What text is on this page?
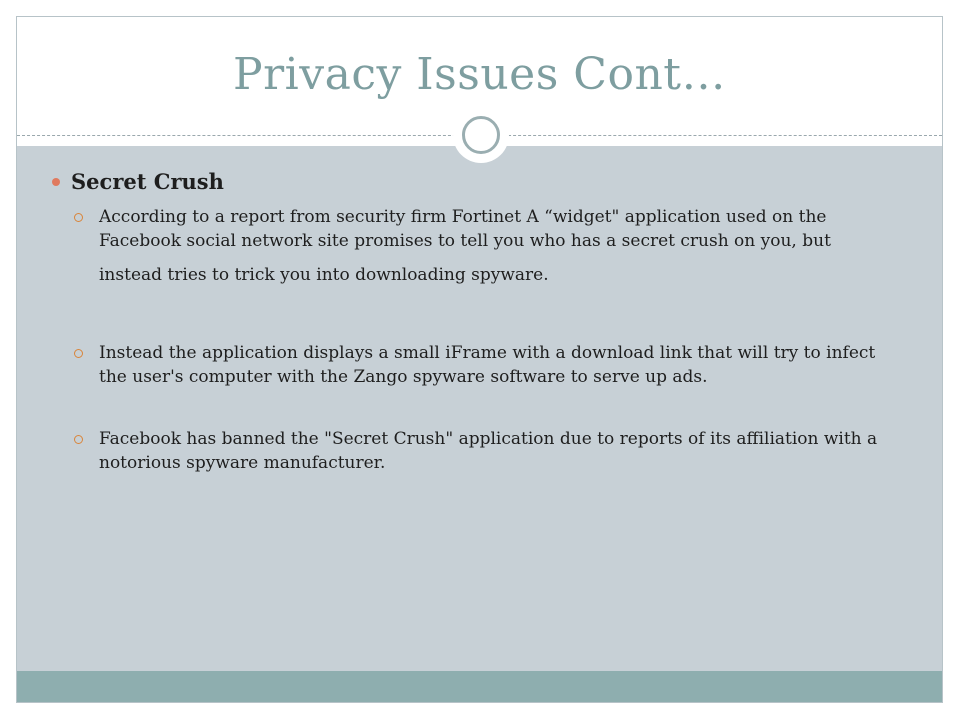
Privacy Issues Cont…
Secret Crush
According to a report from security firm Fortinet A “widget" application used on the Facebook social network site promises to tell you who has a secret crush on you, but
instead tries to trick you into downloading spyware.
Instead the application displays a small iFrame with a download link that will try to infect the user's computer with the Zango spyware software to serve up ads.
Facebook has banned the "Secret Crush" application due to reports of its affiliation with a notorious spyware manufacturer.
